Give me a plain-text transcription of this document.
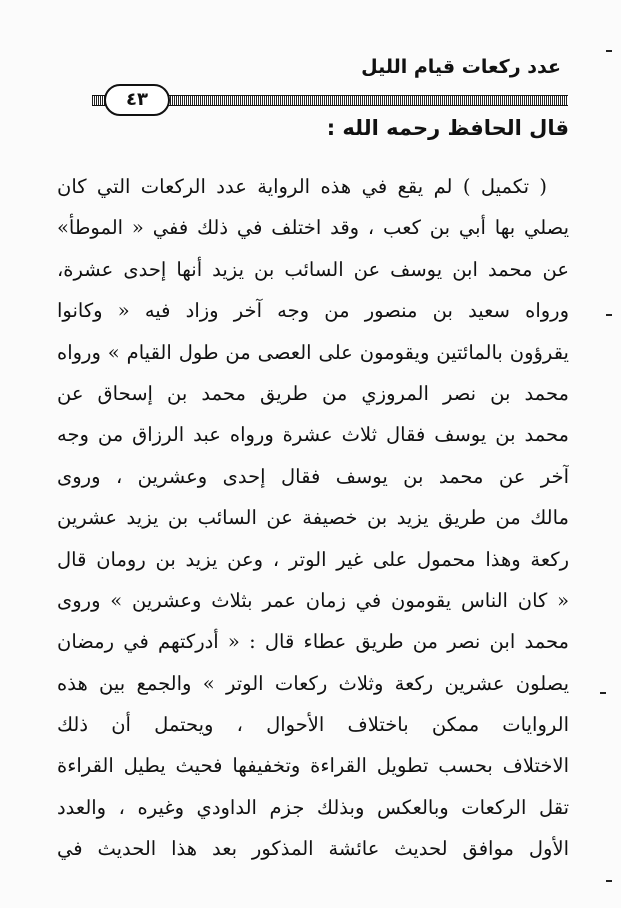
عدد ركعات قيام الليل
٤٣
قال الحافظ رحمه الله :
( تكميل ) لم يقع في هذه الرواية عدد الركعات التي كان
يصلي بها أبي بن كعب ، وقد اختلف في ذلك ففي « الموطأ»
عن محمد ابن يوسف عن السائب بن يزيد أنها إحدى عشرة،
ورواه سعيد بن منصور من وجه آخر وزاد فيه « وكانوا
يقرؤون بالمائتين ويقومون على العصى من طول القيام » ورواه
محمد بن نصر المروزي من طريق محمد بن إسحاق عن
محمد بن يوسف فقال ثلاث عشرة ورواه عبد الرزاق من وجه
آخر عن محمد بن يوسف فقال إحدى وعشرين ، وروى
مالك من طريق يزيد بن خصيفة عن السائب بن يزيد عشرين
ركعة وهذا محمول على غير الوتر ، وعن يزيد بن رومان قال
« كان الناس يقومون في زمان عمر بثلاث وعشرين » وروى
محمد ابن نصر من طريق عطاء قال : « أدركتهم في رمضان
يصلون عشرين ركعة وثلاث ركعات الوتر » والجمع بين هذه
الروايات ممكن باختلاف الأحوال ، ويحتمل أن ذلك
الاختلاف بحسب تطويل القراءة وتخفيفها فحيث يطيل القراءة
تقل الركعات وبالعكس وبذلك جزم الداودي وغيره ، والعدد
الأول موافق لحديث عائشة المذكور بعد هذا الحديث في
